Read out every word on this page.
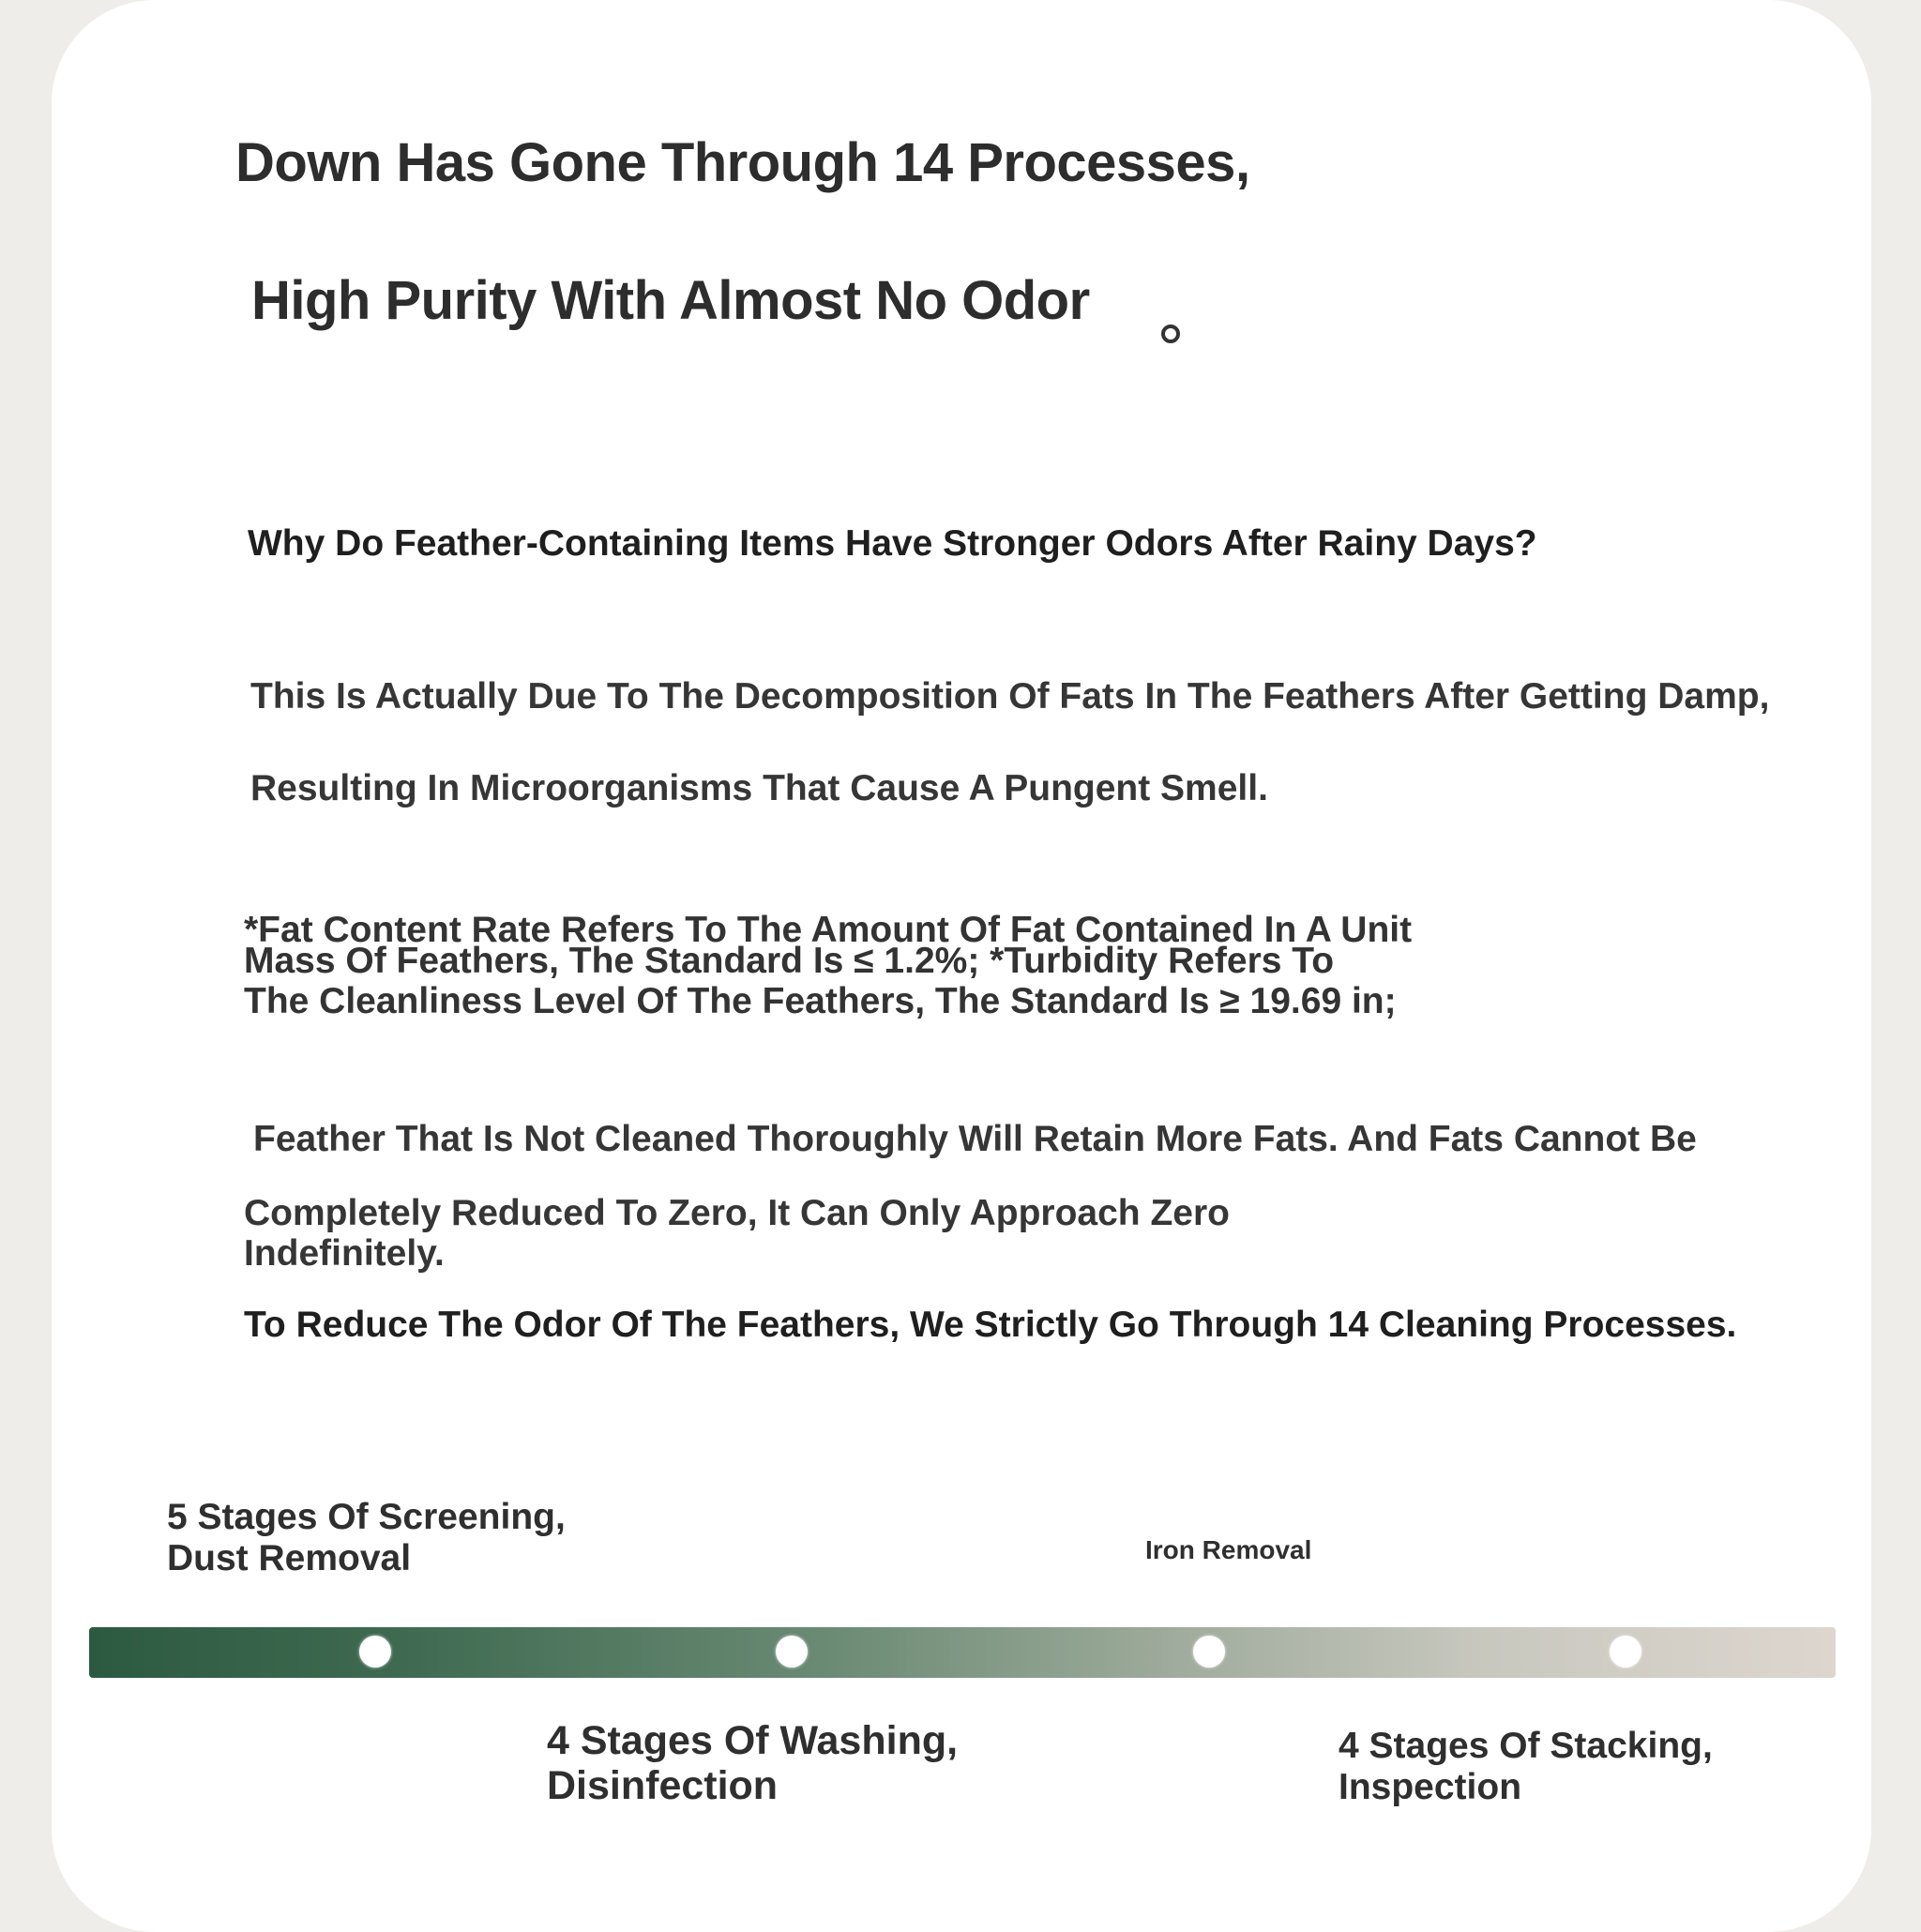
Down Has Gone Through 14 Processes,
High Purity With Almost No Odor

Why Do Feather-Containing Items Have Stronger Odors After Rainy Days?

This Is Actually Due To The Decomposition Of Fats In The Feathers After Getting Damp,

Resulting In Microorganisms That Cause A Pungent Smell.

*Fat Content Rate Refers To The Amount Of Fat Contained In A Unit

Mass Of Feathers, The Standard Is ≤ 1.2%; *Turbidity Refers To

The Cleanliness Level Of The Feathers, The Standard Is ≥ 19.69 in;

Feather That Is Not Cleaned Thoroughly Will Retain More Fats. And Fats Cannot Be

Completely Reduced To Zero, It Can Only Approach Zero

Indefinitely.

To Reduce The Odor Of The Feathers, We Strictly Go Through 14 Cleaning Processes.

5 Stages Of Screening,
Dust Removal	Iron Removal

4 Stages Of Washing,
Disinfection
4 Stages Of Stacking,
Inspection
